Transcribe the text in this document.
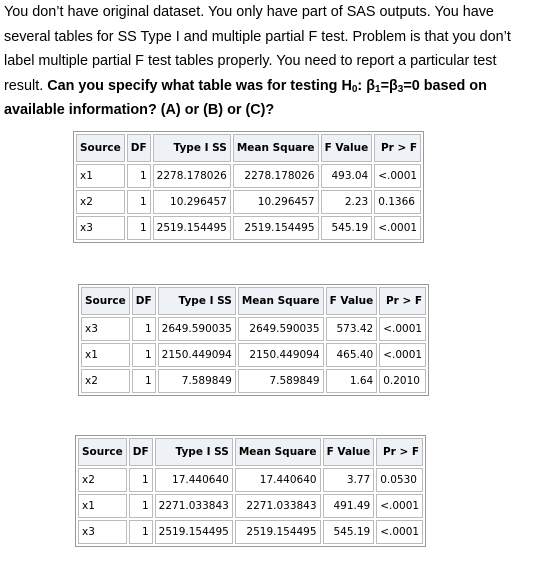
You don’t have original dataset. You only have part of SAS outputs. You have
several tables for SS Type I and multiple partial F test. Problem is that you don’t
label multiple partial F test tables properly. You need to report a particular test
result. Can you specify what table was for testing $H_0$: $\beta_1=\beta_3=0$ based on
available information? (A) or (B) or (C)?
Source	DF	Type I SS	Mean Square	F Value	Pr > F
x1	1	2278.178026	2278.178026	493.04	<.0001
x2	1	10.296457	10.296457	2.23	0.1366
x3	1	2519.154495	2519.154495	545.19	<.0001
Source	DF	Type I SS	Mean Square	F Value	Pr > F
x3	1	2649.590035	2649.590035	573.42	<.0001
x1	1	2150.449094	2150.449094	465.40	<.0001
x2	1	7.589849	7.589849	1.64	0.2010
Source	DF	Type I SS	Mean Square	F Value	Pr > F
x2	1	17.440640	17.440640	3.77	0.0530
x1	1	2271.033843	2271.033843	491.49	<.0001
x3	1	2519.154495	2519.154495	545.19	<.0001
